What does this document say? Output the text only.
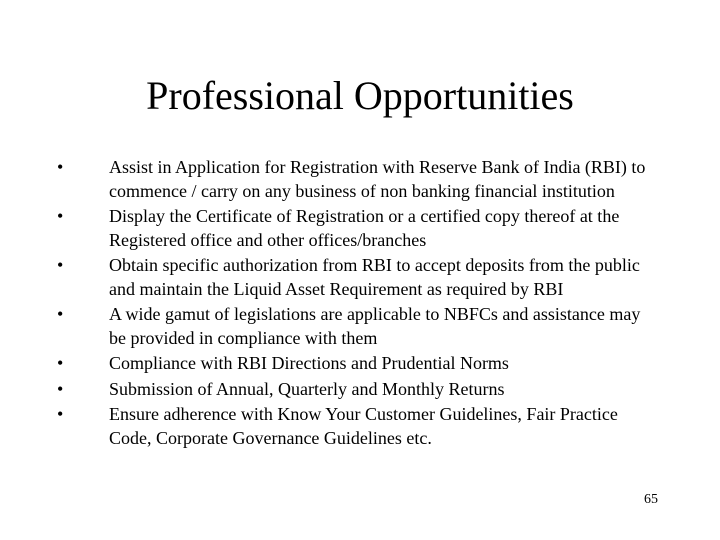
Professional Opportunities
•	Assist in Application for Registration with Reserve Bank of India (RBI) to commence / carry on any business of non banking financial institution
•	Display the Certificate of Registration or a certified copy thereof at the Registered office and other offices/branches
•	Obtain specific authorization from RBI to accept deposits from the public and maintain the Liquid Asset Requirement as required by RBI
•	A wide gamut of legislations are applicable to NBFCs and assistance may be provided in compliance with them
•	Compliance with RBI Directions and Prudential Norms
•	Submission of Annual, Quarterly and Monthly Returns
•	Ensure adherence with Know Your Customer Guidelines, Fair Practice Code, Corporate Governance Guidelines etc.
65
